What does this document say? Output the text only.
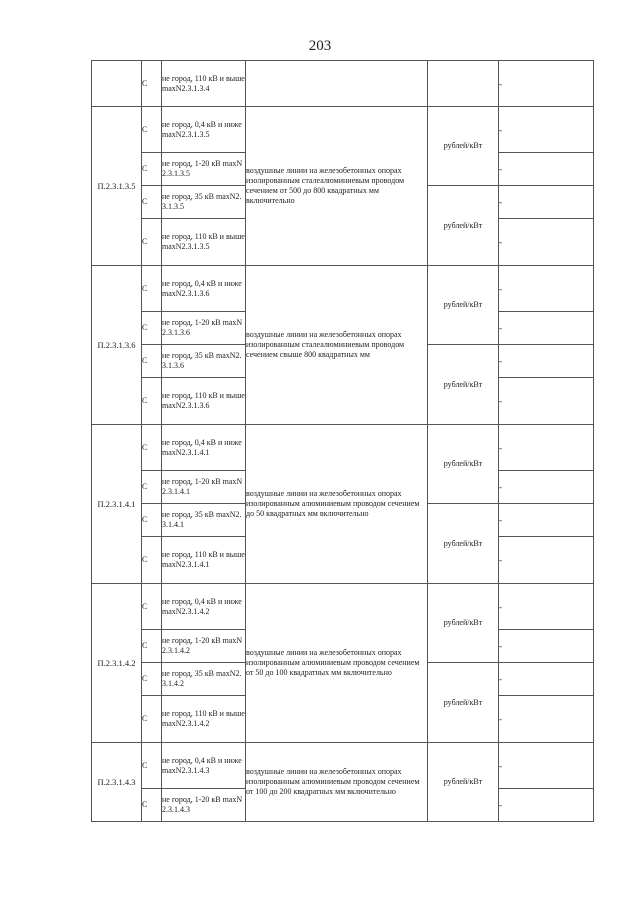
203
	С	не город, 110 кВ и выше maxN2.3.1.3.4			-
П.2.3.1.3.5	С	не город, 0,4 кВ и ниже maxN2.3.1.3.5	воздушные линии на железобетонных опорах изолированным сталеалюминиевым проводом сечением от 500 до 800 квадратных мм включительно	рублей/кВт	-
	С	не город, 1-20 кВ maxN2.3.1.3.5			-
	С	не город, 35 кВ maxN2.3.1.3.5		рублей/кВт	-
	С	не город, 110 кВ и выше maxN2.3.1.3.5			-
П.2.3.1.3.6	С	не город, 0,4 кВ и ниже maxN2.3.1.3.6	воздушные линии на железобетонных опорах изолированным сталеалюминиевым проводом сечением свыше 800 квадратных мм	рублей/кВт	-
	С	не город, 1-20 кВ maxN2.3.1.3.6			-
	С	не город, 35 кВ maxN2.3.1.3.6		рублей/кВт	-
	С	не город, 110 кВ и выше maxN2.3.1.3.6			-
П.2.3.1.4.1	С	не город, 0,4 кВ и ниже maxN2.3.1.4.1	воздушные линии на железобетонных опорах изолированным алюминиевым проводом сечением до 50 квадратных мм включительно	рублей/кВт	-
	С	не город, 1-20 кВ maxN2.3.1.4.1			-
	С	не город, 35 кВ maxN2.3.1.4.1		рублей/кВт	-
	С	не город, 110 кВ и выше maxN2.3.1.4.1			-
П.2.3.1.4.2	С	не город, 0,4 кВ и ниже maxN2.3.1.4.2	воздушные линии на железобетонных опорах изолированным алюминиевым проводом сечением от 50 до 100 квадратных мм включительно	рублей/кВт	-
	С	не город, 1-20 кВ maxN2.3.1.4.2			-
	С	не город, 35 кВ maxN2.3.1.4.2		рублей/кВт	-
	С	не город, 110 кВ и выше maxN2.3.1.4.2			-
П.2.3.1.4.3	С	не город, 0,4 кВ и ниже maxN2.3.1.4.3	воздушные линии на железобетонных опорах изолированным алюминиевым проводом сечением от 100 до 200 квадратных мм включительно	рублей/кВт	-
	С	не город, 1-20 кВ maxN2.3.1.4.3			-
